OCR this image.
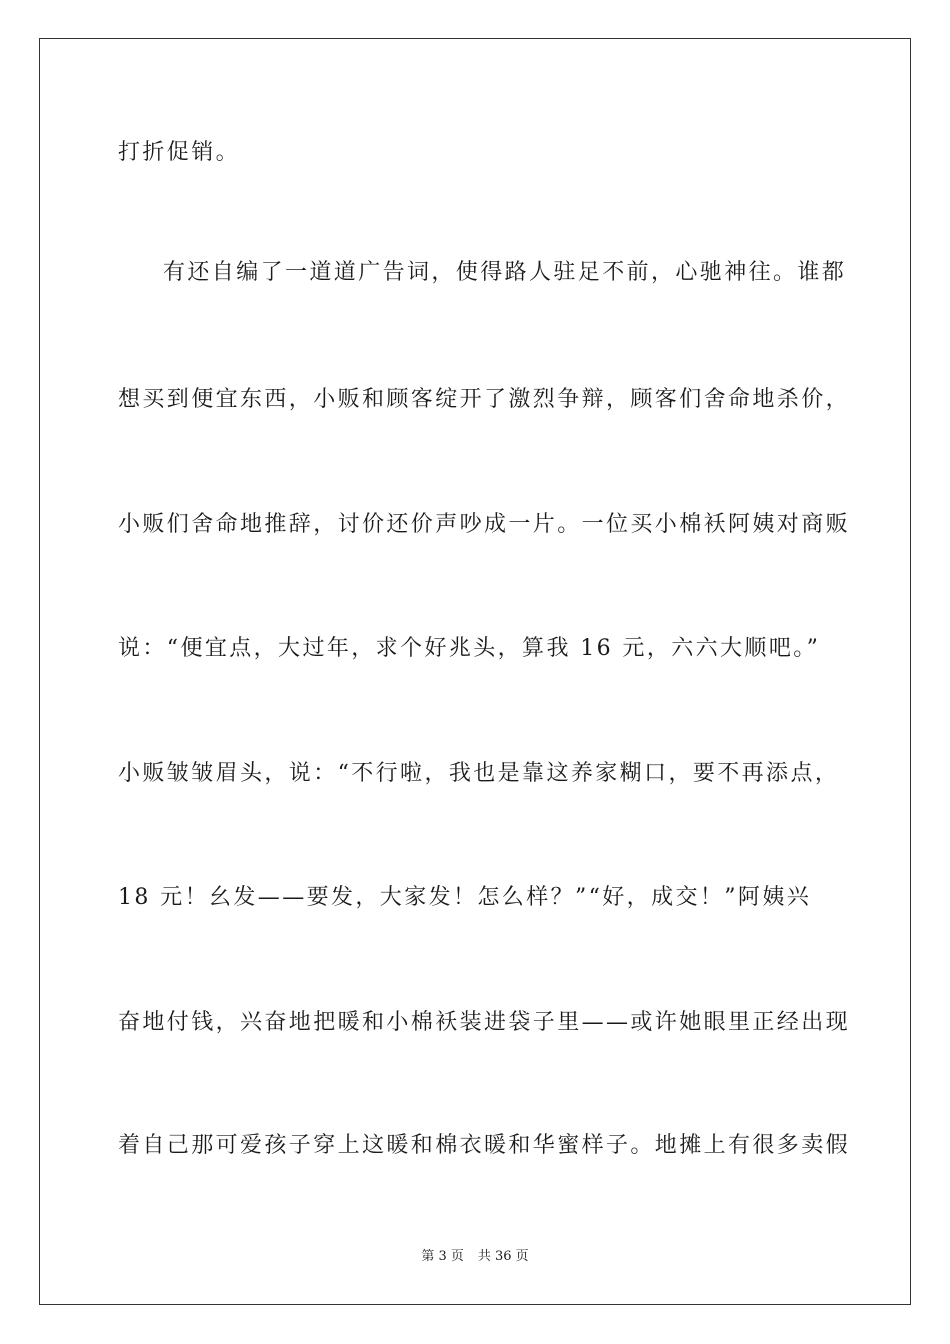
打折促销。
有还自编了一道道广告词，使得路人驻足不前，心驰神往。谁都
想买到便宜东西，小贩和顾客绽开了激烈争辩，顾客们舍命地杀价，
小贩们舍命地推辞，讨价还价声吵成一片。一位买小棉袄阿姨对商贩
说：“便宜点，大过年，求个好兆头，算我 16 元，六六大顺吧。”
小贩皱皱眉头，说：“不行啦，我也是靠这养家糊口，要不再添点，
18 元！幺发——要发，大家发！怎么样？”“好，成交！”阿姨兴
奋地付钱，兴奋地把暖和小棉袄装进袋子里——或许她眼里正经出现
着自己那可爱孩子穿上这暖和棉衣暖和华蜜样子。地摊上有很多卖假
第 3 页 共 36 页
